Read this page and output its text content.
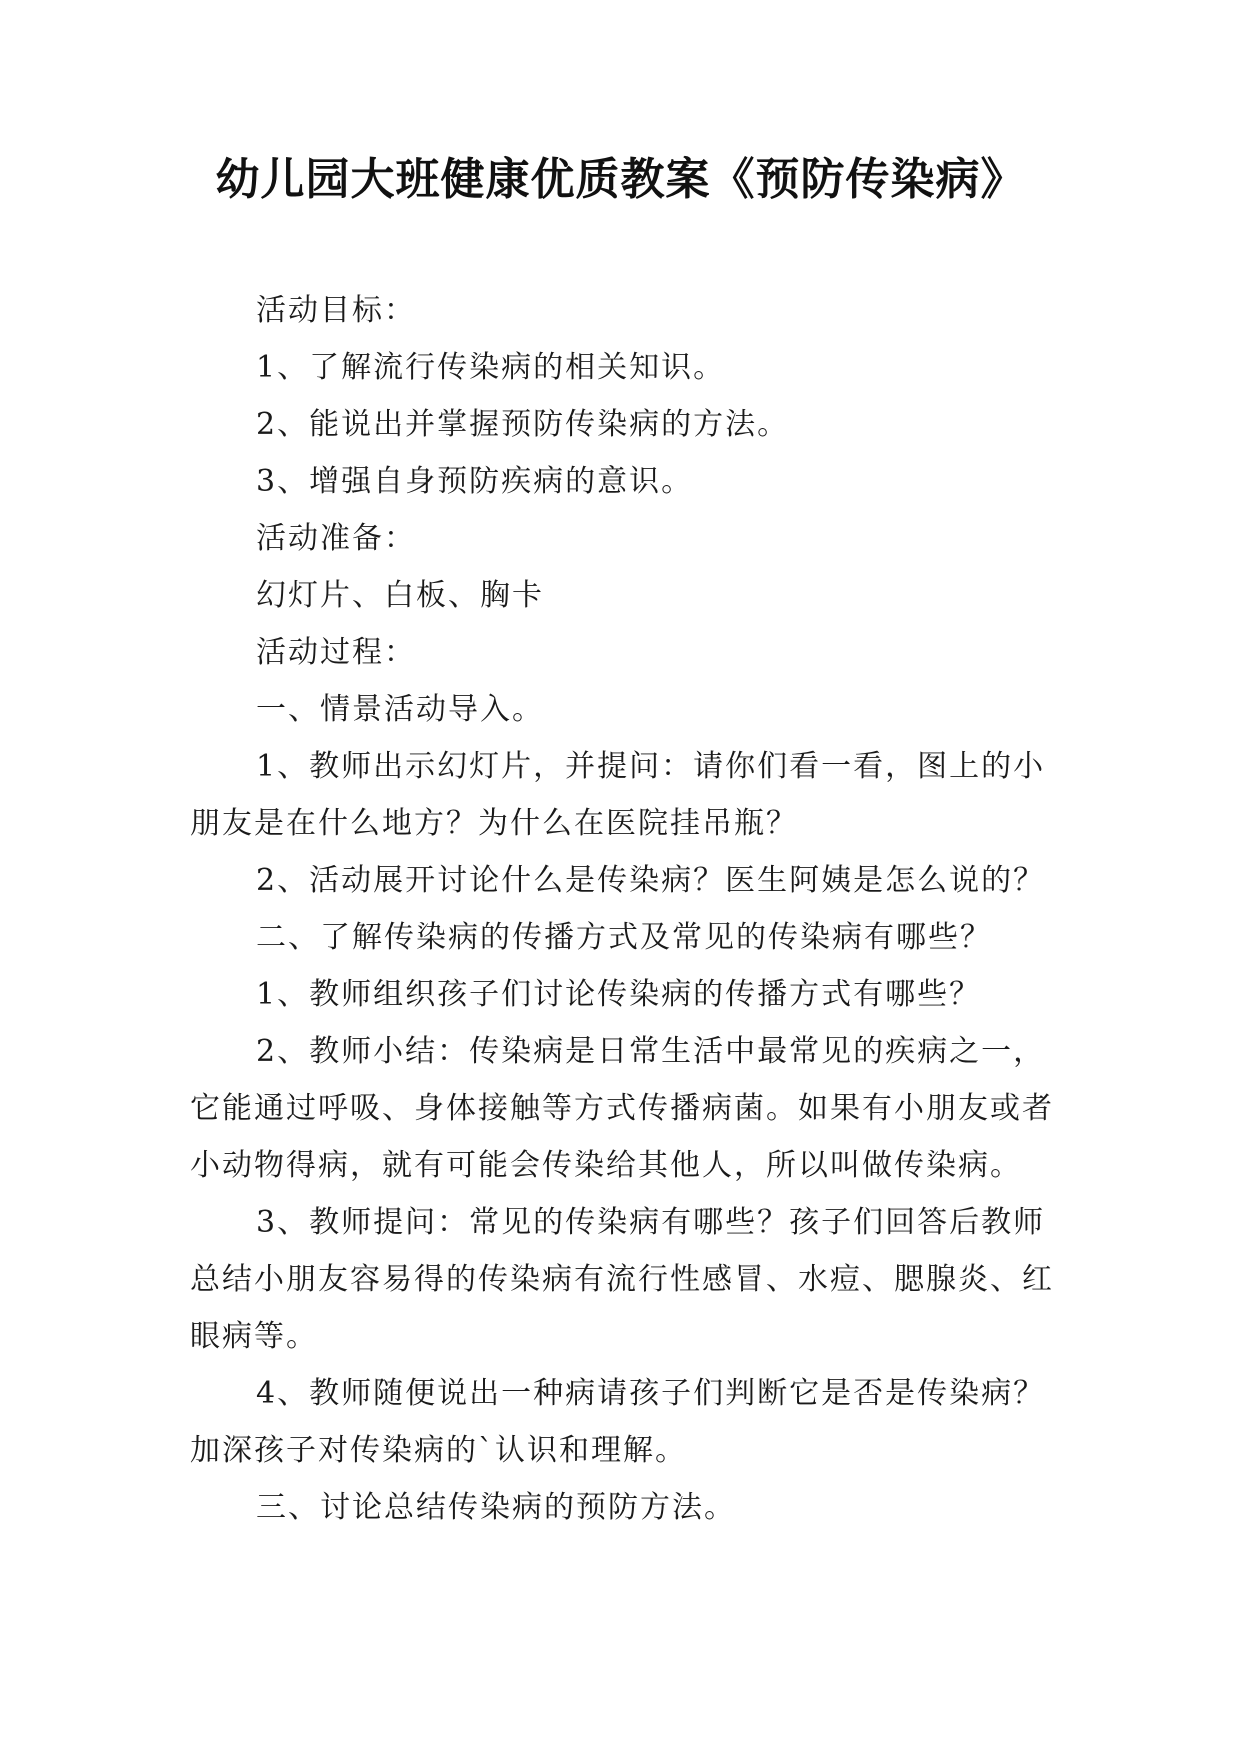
幼儿园大班健康优质教案《预防传染病》

活动目标：

1、了解流行传染病的相关知识。

2、能说出并掌握预防传染病的方法。

3、增强自身预防疾病的意识。

活动准备：

幻灯片、白板、胸卡

活动过程：

一、情景活动导入。

1、教师出示幻灯片，并提问：请你们看一看，图上的小朋友是在什么地方？为什么在医院挂吊瓶？

2、活动展开讨论什么是传染病？医生阿姨是怎么说的？

二、了解传染病的传播方式及常见的传染病有哪些？

1、教师组织孩子们讨论传染病的传播方式有哪些？

2、教师小结：传染病是日常生活中最常见的疾病之一，它能通过呼吸、身体接触等方式传播病菌。如果有小朋友或者小动物得病，就有可能会传染给其他人，所以叫做传染病。

3、教师提问：常见的传染病有哪些？孩子们回答后教师总结小朋友容易得的传染病有流行性感冒、水痘、腮腺炎、红眼病等。

4、教师随便说出一种病请孩子们判断它是否是传染病？加深孩子对传染病的`认识和理解。

三、讨论总结传染病的预防方法。
